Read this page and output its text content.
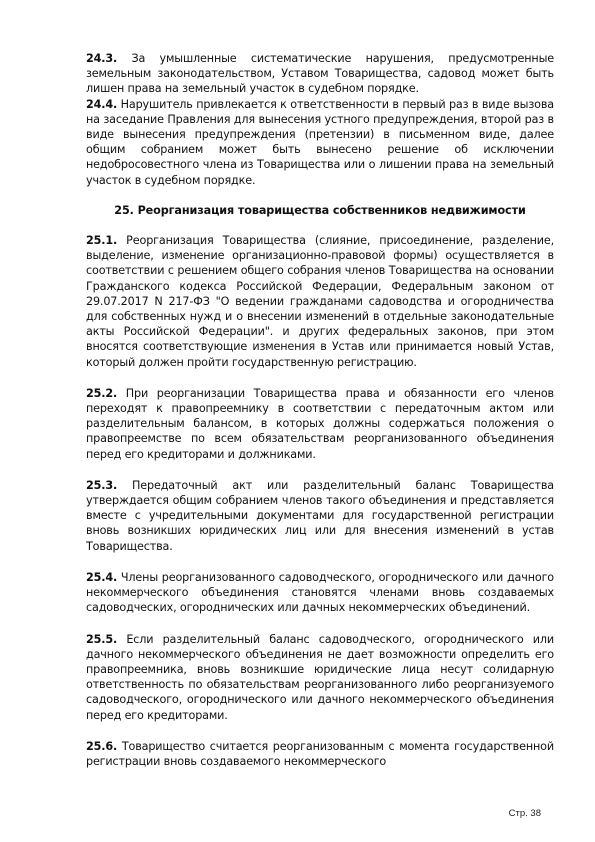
24.3. За умышленные систематические нарушения, предусмотренные земельным законодательством, Уставом Товарищества, садовод может быть лишен права на земельный участок в судебном порядке.

24.4. Нарушитель привлекается к ответственности в первый раз в виде вызова на заседание Правления для вынесения устного предупреждения, второй раз в виде вынесения предупреждения (претензии) в письменном виде, далее общим собранием может быть вынесено решение об исключении недобросовестного члена из Товарищества или о лишении права на земельный участок в судебном порядке.

25. Реорганизация товарищества собственников недвижимости

25.1. Реорганизация Товарищества (слияние, присоединение, разделение, выделение, изменение организационно-правовой формы) осуществляется в соответствии с решением общего собрания членов Товарищества на основании Гражданского кодекса Российской Федерации, Федеральным законом от 29.07.2017 N 217-ФЗ "О ведении гражданами садоводства и огородничества для собственных нужд и о внесении изменений в отдельные законодательные акты Российской Федерации". и других федеральных законов, при этом вносятся соответствующие изменения в Устав или принимается новый Устав, который должен пройти государственную регистрацию.

25.2. При реорганизации Товарищества права и обязанности его членов переходят к правопреемнику в соответствии с передаточным актом или разделительным балансом, в которых должны содержаться положения о правопреемстве по всем обязательствам реорганизованного объединения перед его кредиторами и должниками.

25.3. Передаточный акт или разделительный баланс Товарищества утверждается общим собранием членов такого объединения и представляется вместе с учредительными документами для государственной регистрации вновь возникших юридических лиц или для внесения изменений в устав Товарищества.

25.4. Члены реорганизованного садоводческого, огороднического или дачного некоммерческого объединения становятся членами вновь создаваемых садоводческих, огороднических или дачных некоммерческих объединений.

25.5. Если разделительный баланс садоводческого, огороднического или дачного некоммерческого объединения не дает возможности определить его правопреемника, вновь возникшие юридические лица несут солидарную ответственность по обязательствам реорганизованного либо реорганизуемого садоводческого, огороднического или дачного некоммерческого объединения перед его кредиторами.

25.6. Товарищество считается реорганизованным с момента государственной регистрации вновь создаваемого некоммерческого

Стр. 38
